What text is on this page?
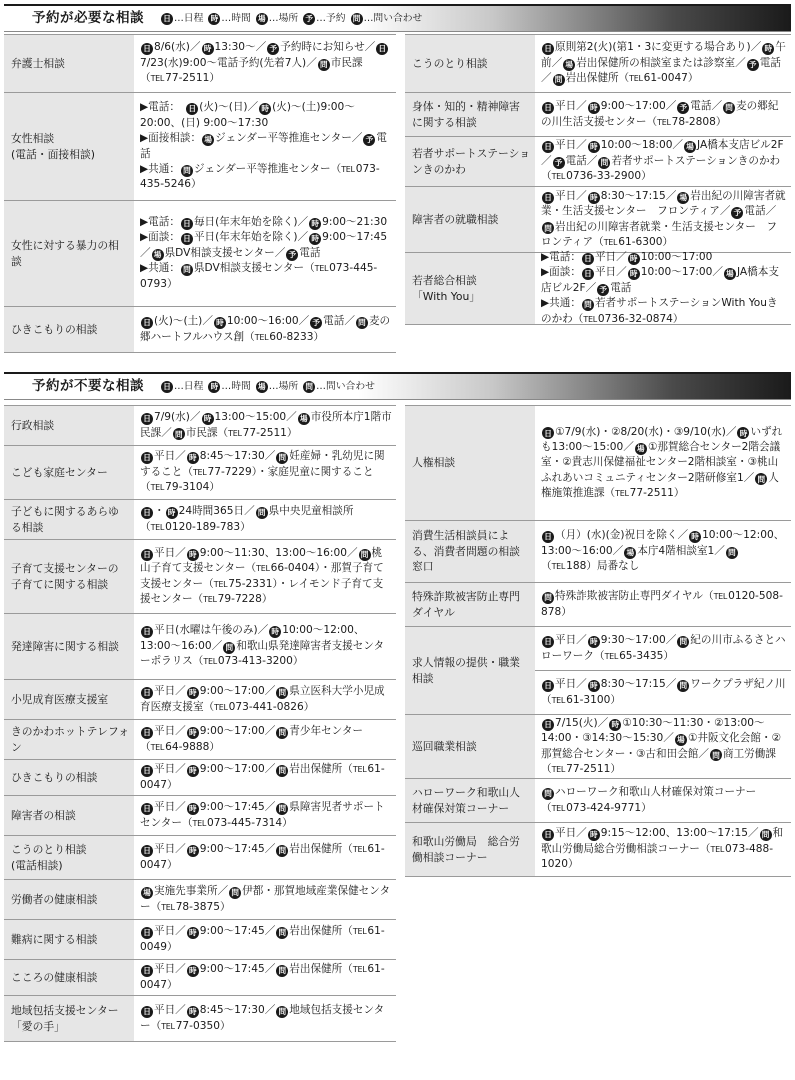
予約が必要な相談	日 …日程 時 …時間 場 …場所 予 …予約 問 …問い合わせ
弁護士相談
日 8/6(水)／ 時 13:30～／ 予 予約時にお知らせ／ 日7/23(水)9:00～電話予約(先着7人)／ 問 市民課（TEL77-2511）
女性相談
(電話・面接相談)
▶電話：　日 (火)～(日)／ 時 (火)～(土)9:00～20:00、(日) 9:00～17:30
▶面接相談： 場 ジェンダー平等推進センター／ 予 電話
▶共通： 問 ジェンダー平等推進センター（TEL073-435-5246）
女性に対する暴力の相談
▶電話： 日 毎日(年末年始を除く)／ 時 9:00～21:30
▶面談： 日 平日(年末年始を除く)／ 時 9:00～17:45／ 場 県DV相談支援センター／ 予 電話
▶共通： 問 県DV相談支援センター（TEL073-445-0793）
ひきこもりの相談
日 (火)～(土)／ 時 10:00～16:00／ 予 電話／ 問 麦の郷ハートフルハウス創（TEL60-8233）
こうのとり相談
日 原則第2(火)(第1・3に変更する場合あり)／ 時 午前／ 場 岩出保健所の相談室または診察室／ 予 電話／ 問 岩出保健所（TEL61-0047）
身体・知的・精神障害に関する相談
日 平日／ 時 9:00～17:00／ 予 電話／ 問 麦の郷紀の川生活支援センター（TEL78-2808）
若者サポートステーションきのかわ
日 平日／ 時 10:00～18:00／ 場 JA橋本支店ビル2F／ 予 電話／ 問 若者サポートステーションきのかわ（TEL0736-33-2900）
障害者の就職相談
日 平日／ 時 8:30～17:15／ 場 岩出紀の川障害者就業・生活支援センター　フロンティア／ 予 電話／問 岩出紀の川障害者就業・生活支援センター　フロンティア（TEL61-6300）
若者総合相談
「With You」
▶電話： 日 平日／ 時 10:00～17:00
▶面談： 日 平日／ 時 10:00～17:00／ 場 JA橋本支店ビル2F／ 予 電話
▶共通： 問 若者サポートステーションWith Youきのかわ（TEL0736-32-0874）
予約が不要な相談	日 …日程 時 …時間 場 …場所 問 …問い合わせ
行政相談
日 7/9(水)／ 時 13:00～15:00／ 場 市役所本庁1階市民課／ 問 市民課（TEL77-2511）
こども家庭センター
日 平日／ 時 8:45～17:30／ 問 妊産婦・乳幼児に関すること（TEL77-7229）・家庭児童に関すること（TEL79-3104）
子どもに関するあらゆる相談
日 ・ 時 24時間365日／ 問 県中央児童相談所（TEL0120-189-783）
子育て支援センターの子育てに関する相談
日 平日／ 時 9:00～11:30、13:00～16:00／ 問 桃山子育て支援センター（TEL66-0404）・那賀子育て支援センター（TEL75-2331）・レイモンド子育て支援センター（TEL79-7228）
発達障害に関する相談
日 平日(水曜は午後のみ)／ 時 10:00～12:00、13:00～16:00／ 問 和歌山県発達障害者支援センターポラリス（TEL073-413-3200）
小児成育医療支援室
日 平日／ 時 9:00～17:00／ 問 県立医科大学小児成育医療支援室（TEL073-441-0826）
きのかわホットテレフォン
日 平日／ 時 9:00～17:00／ 問 青少年センター（TEL64-9888）
ひきこもりの相談
日 平日／ 時 9:00～17:00／ 問 岩出保健所（TEL61-0047）
障害者の相談
日 平日／ 時 9:00～17:45／ 問 県障害児者サポートセンター（TEL073-445-7314）
こうのとり相談
(電話相談)
日 平日／ 時 9:00～17:45／ 問 岩出保健所（TEL61-0047）
労働者の健康相談
場 実施先事業所／ 問 伊都・那賀地域産業保健センター（TEL78-3875）
難病に関する相談
日 平日／ 時 9:00～17:45／ 問 岩出保健所（TEL61-0049）
こころの健康相談
日 平日／ 時 9:00～17:45／ 問 岩出保健所（TEL61-0047）
地域包括支援センター「愛の手」
日 平日／ 時 8:45～17:30／ 問 地域包括支援センター（TEL77-0350）
人権相談
日 ①7/9(水)・②8/20(水)・③9/10(水)／ 時 いずれも13:00～15:00／ 場 ①那賀総合センター2階会議室・②貴志川保健福祉センター2階相談室・③桃山ふれあいコミュニティセンター2階研修室1／ 問 人権施策推進課（TEL77-2511）
消費生活相談員による、消費者問題の相談窓口
日 （月）(水)(金)祝日を除く／ 時 10:00～12:00、13:00～16:00／ 場 本庁4階相談室1／ 問（TEL188）局番なし
特殊詐欺被害防止専門ダイヤル
問 特殊詐欺被害防止専門ダイヤル（TEL0120-508-878）
求人情報の提供・職業相談
日 平日／ 時 9:30～17:00／ 問 紀の川市ふるさとハローワーク（TEL65-3435）
日 平日／ 時 8:30～17:15／ 問 ワークプラザ紀ノ川（TEL61-3100）
巡回職業相談
日 7/15(火)／ 時 ①10:30～11:30・②13:00～14:00・③14:30～15:30／ 場 ①井阪文化会館・②那賀総合センター・③古和田会館／ 問 商工労働課（TEL77-2511）
ハローワーク和歌山人材確保対策コーナー
問 ハローワーク和歌山人材確保対策コーナー（TEL073-424-9771）
和歌山労働局　総合労働相談コーナー
日 平日／ 時 9:15～12:00、13:00～17:15／ 問 和歌山労働局総合労働相談コーナー（TEL073-488-1020）
